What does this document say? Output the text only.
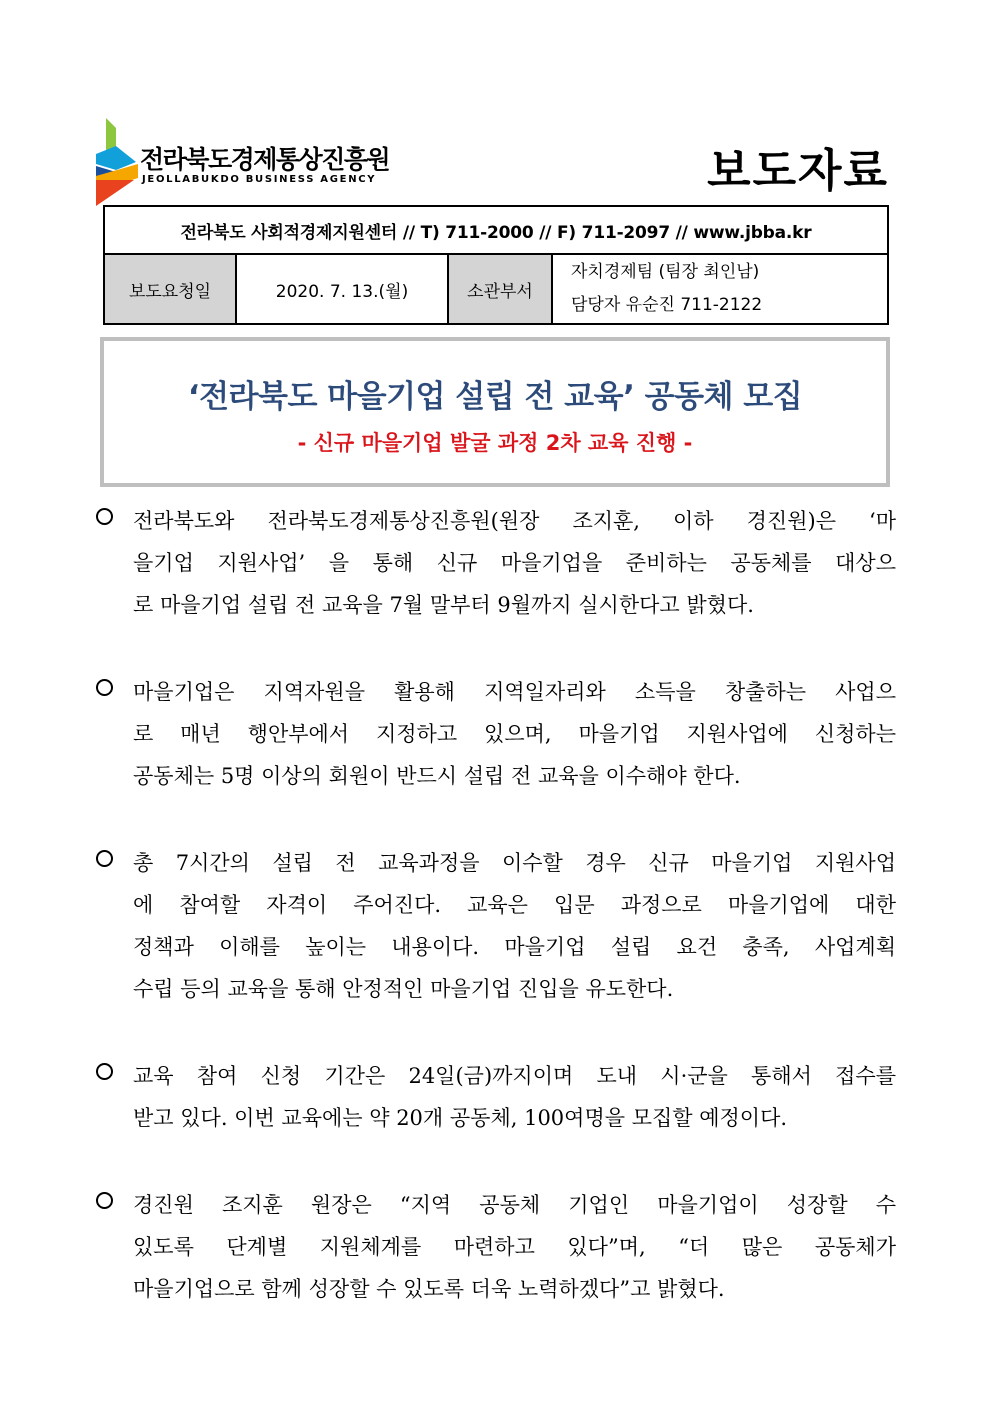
전라북도경제통상진흥원
JEOLLABUKDO BUSINESS AGENCY	보도자료
전라북도 사회적경제지원센터 // T) 711-2000 // F) 711-2097 // www.jbba.kr
보도요청일	2020. 7. 13.(월)	소관부서	
자치경제팀 (팀장 최인남)
담당자 유순진 711-2122
‘전라북도 마을기업 설립 전 교육’ 공동체 모집
- 신규 마을기업 발굴 과정 2차 교육 진행 -
전라북도와 전라북도경제통상진흥원(원장 조지훈, 이하 경진원)은 ‘마
을기업 지원사업’ 을 통해 신규 마을기업을 준비하는 공동체를 대상으
로 마을기업 설립 전 교육을 7월 말부터 9월까지 실시한다고 밝혔다.
마을기업은 지역자원을 활용해 지역일자리와 소득을 창출하는 사업으
로 매년 행안부에서 지정하고 있으며, 마을기업 지원사업에 신청하는
공동체는 5명 이상의 회원이 반드시 설립 전 교육을 이수해야 한다.
총 7시간의 설립 전 교육과정을 이수할 경우 신규 마을기업 지원사업
에 참여할 자격이 주어진다. 교육은 입문 과정으로 마을기업에 대한
정책과 이해를 높이는 내용이다. 마을기업 설립 요건 충족, 사업계획
수립 등의 교육을 통해 안정적인 마을기업 진입을 유도한다.
교육 참여 신청 기간은 24일(금)까지이며 도내 시·군을 통해서 접수를
받고 있다. 이번 교육에는 약 20개 공동체, 100여명을 모집할 예정이다.
경진원 조지훈 원장은 “지역 공동체 기업인 마을기업이 성장할 수
있도록 단계별 지원체계를 마련하고 있다”며, “더 많은 공동체가
마을기업으로 함께 성장할 수 있도록 더욱 노력하겠다”고 밝혔다.
